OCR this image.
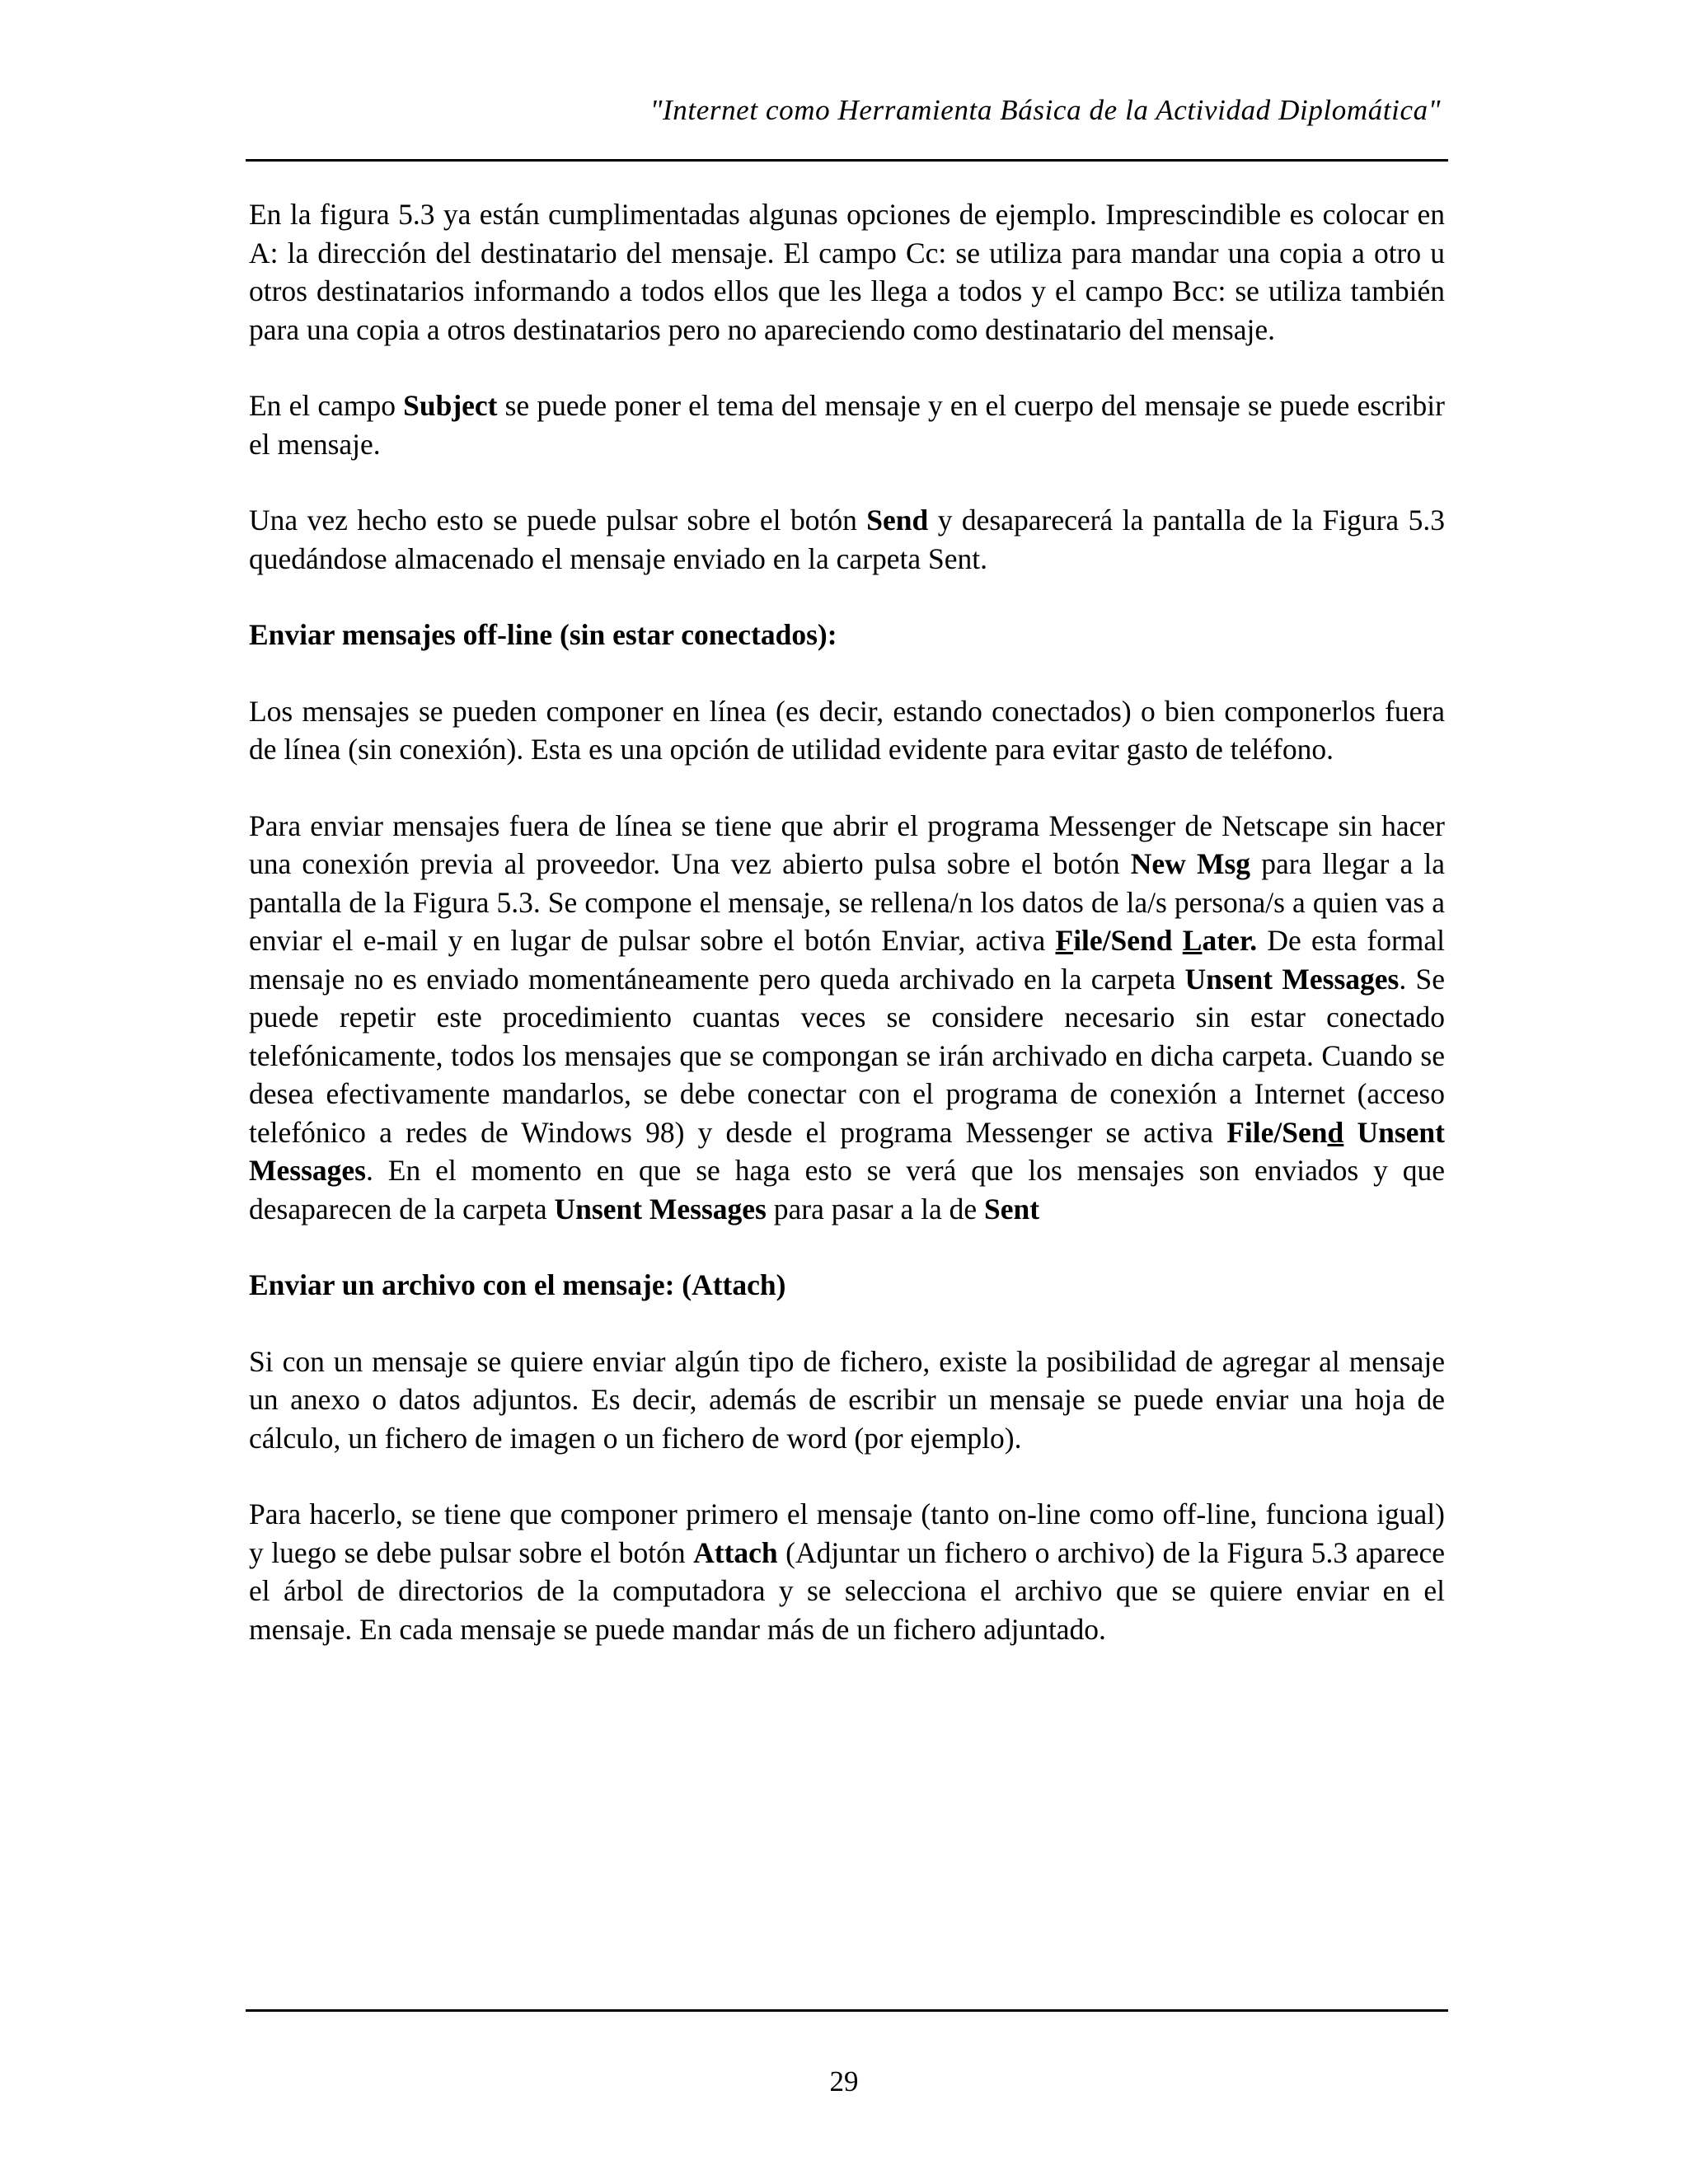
"Internet como Herramienta Básica de la Actividad Diplomática"

En la figura 5.3 ya están cumplimentadas algunas opciones de ejemplo. Imprescindible es colocar en A: la dirección del destinatario del mensaje. El campo Cc: se utiliza para mandar una copia a otro u otros destinatarios informando a todos ellos que les llega a todos y el campo Bcc: se utiliza también para una copia a otros destinatarios pero no apareciendo como destinatario del mensaje.

En el campo Subject se puede poner el tema del mensaje y en el cuerpo del mensaje se puede escribir el mensaje.

Una vez hecho esto se puede pulsar sobre el botón Send y desaparecerá la pantalla de la Figura 5.3 quedándose almacenado el mensaje enviado en la carpeta Sent.

Enviar mensajes off-line (sin estar conectados):

Los mensajes se pueden componer en línea (es decir, estando conectados) o bien componerlos fuera de línea (sin conexión). Esta es una opción de utilidad evidente para evitar gasto de teléfono.

Para enviar mensajes fuera de línea se tiene que abrir el programa Messenger de Netscape sin hacer una conexión previa al proveedor. Una vez abierto pulsa sobre el botón New Msg para llegar a la pantalla de la Figura 5.3. Se compone el mensaje, se rellena/n los datos de la/s persona/s a quien vas a enviar el e-mail y en lugar de pulsar sobre el botón Enviar, activa File/Send Later. De esta formal mensaje no es enviado momentáneamente pero queda archivado en la carpeta Unsent Messages. Se puede repetir este procedimiento cuantas veces se considere necesario sin estar conectado telefónicamente, todos los mensajes que se compongan se irán archivado en dicha carpeta. Cuando se desea efectivamente mandarlos, se debe conectar con el programa de conexión a Internet (acceso telefónico a redes de Windows 98) y desde el programa Messenger se activa File/Send Unsent Messages. En el momento en que se haga esto se verá que los mensajes son enviados y que desaparecen de la carpeta Unsent Messages para pasar a la de Sent

Enviar un archivo con el mensaje: (Attach)

Si con un mensaje se quiere enviar algún tipo de fichero, existe la posibilidad de agregar al mensaje un anexo o datos adjuntos. Es decir, además de escribir un mensaje se puede enviar una hoja de cálculo, un fichero de imagen o un fichero de word (por ejemplo).

Para hacerlo, se tiene que componer primero el mensaje (tanto on-line como off-line, funciona igual) y luego se debe pulsar sobre el botón Attach (Adjuntar un fichero o archivo) de la Figura 5.3 aparece el árbol de directorios de la computadora y se selecciona el archivo que se quiere enviar en el mensaje. En cada mensaje se puede mandar más de un fichero adjuntado.

29
